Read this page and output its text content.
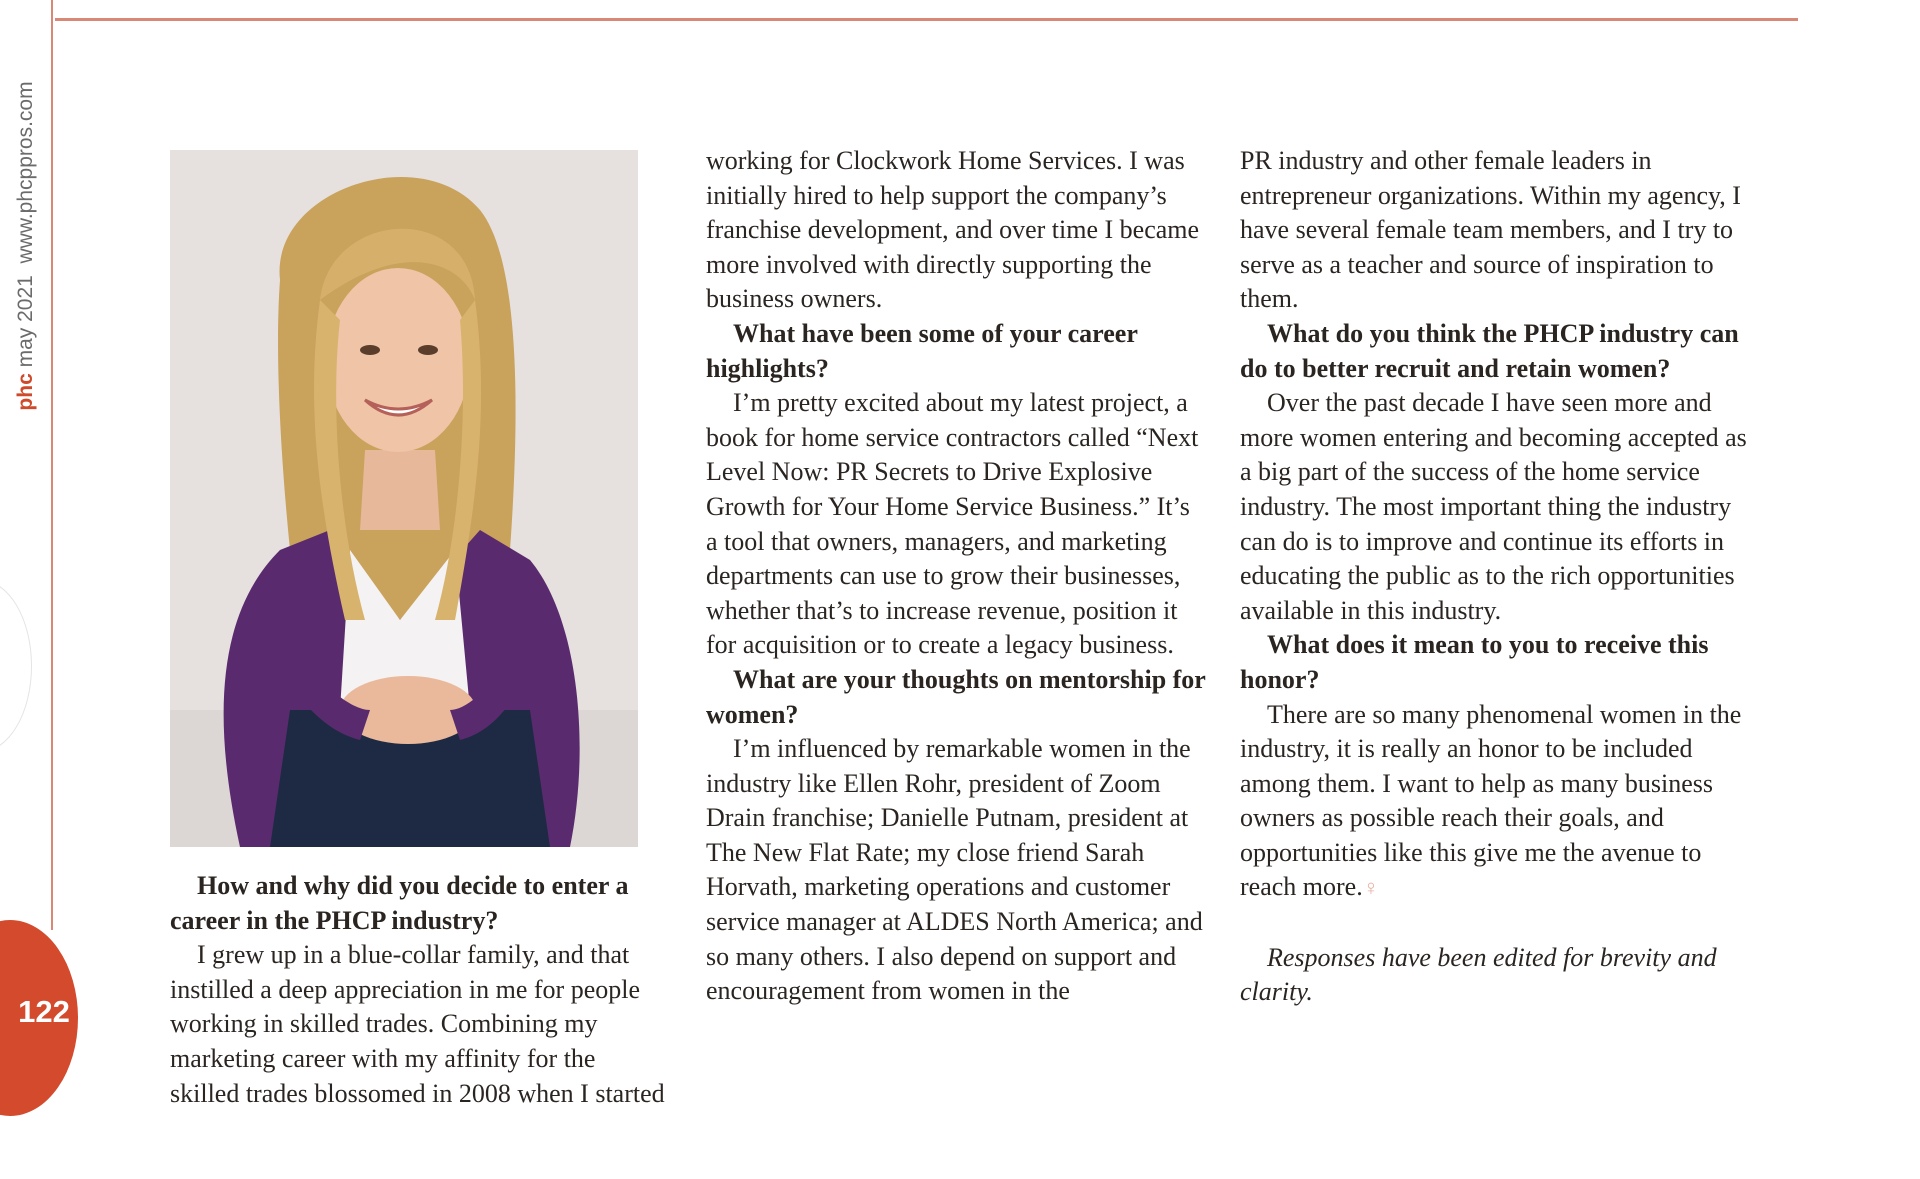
phc may 2021  www.phcppros.com
122
How and why did you decide to enter a career in the PHCP industry?

I grew up in a blue-collar family, and that instilled a deep appreciation in me for people working in skilled trades. Combining my marketing career with my affinity for the skilled trades blossomed in 2008 when I started

working for Clockwork Home Services. I was initially hired to help support the company’s franchise development, and over time I became more involved with directly supporting the business owners.

What have been some of your career highlights?

I’m pretty excited about my latest project, a book for home service contractors called “Next Level Now: PR Secrets to Drive Explosive Growth for Your Home Service Business.” It’s a tool that owners, managers, and marketing departments can use to grow their businesses, whether that’s to increase revenue, position it for acquisition or to create a legacy business.

What are your thoughts on mentorship for women?

I’m influenced by remarkable women in the industry like Ellen Rohr, president of Zoom Drain franchise; Danielle Putnam, president at The New Flat Rate; my close friend Sarah Horvath, marketing operations and customer service manager at ALDES North America; and so many others. I also depend on support and encouragement from women in the

PR industry and other female leaders in entrepreneur organizations. Within my agency, I have several female team members, and I try to serve as a teacher and source of inspiration to them.

What do you think the PHCP industry can do to better recruit and retain women?

Over the past decade I have seen more and more women entering and becoming accepted as a big part of the success of the home service industry. The most important thing the industry can do is to improve and continue its efforts in educating the public as to the rich opportunities available in this industry.

What does it mean to you to receive this honor?

There are so many phenomenal women in the industry, it is really an honor to be included among them. I want to help as many business owners as possible reach their goals, and opportunities like this give me the avenue to reach more.♀

Responses have been edited for brevity and clarity.
